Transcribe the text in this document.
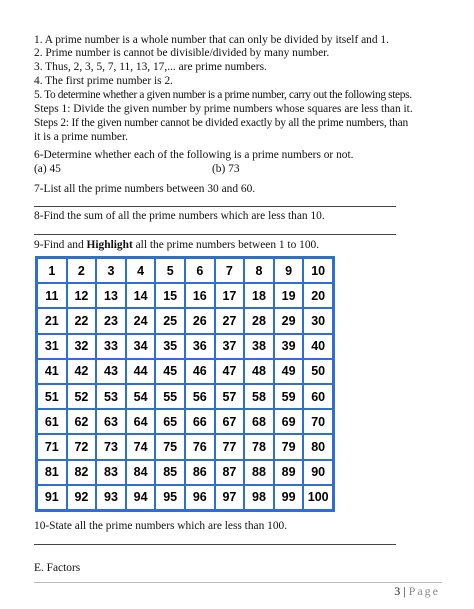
1. A prime number is a whole number that can only be divided by itself and 1.
2. Prime number is cannot be divisible/divided by many number.
3. Thus, 2, 3, 5, 7, 11, 13, 17,... are prime numbers.
4. The first prime number is 2.
5. To determine whether a given number is a prime number, carry out the following steps.
Steps 1: Divide the given number by prime numbers whose squares are less than it.
Steps 2: If the given number cannot be divided exactly by all the prime numbers, than
it is a prime number.
6-Determine whether each of the following is a prime numbers or not.
(a) 45	(b) 73
7-List all the prime numbers between 30 and 60.
8-Find the sum of all the prime numbers which are less than 10.
9-Find and Highlight all the prime numbers between 1 to 100.
1	2	3	4	5	6	7	8	9	10
11	12	13	14	15	16	17	18	19	20
21	22	23	24	25	26	27	28	29	30
31	32	33	34	35	36	37	38	39	40
41	42	43	44	45	46	47	48	49	50
51	52	53	54	55	56	57	58	59	60
61	62	63	64	65	66	67	68	69	70
71	72	73	74	75	76	77	78	79	80
81	82	83	84	85	86	87	88	89	90
91	92	93	94	95	96	97	98	99 100
10-State all the prime numbers which are less than 100.
E. Factors
3 | Page
